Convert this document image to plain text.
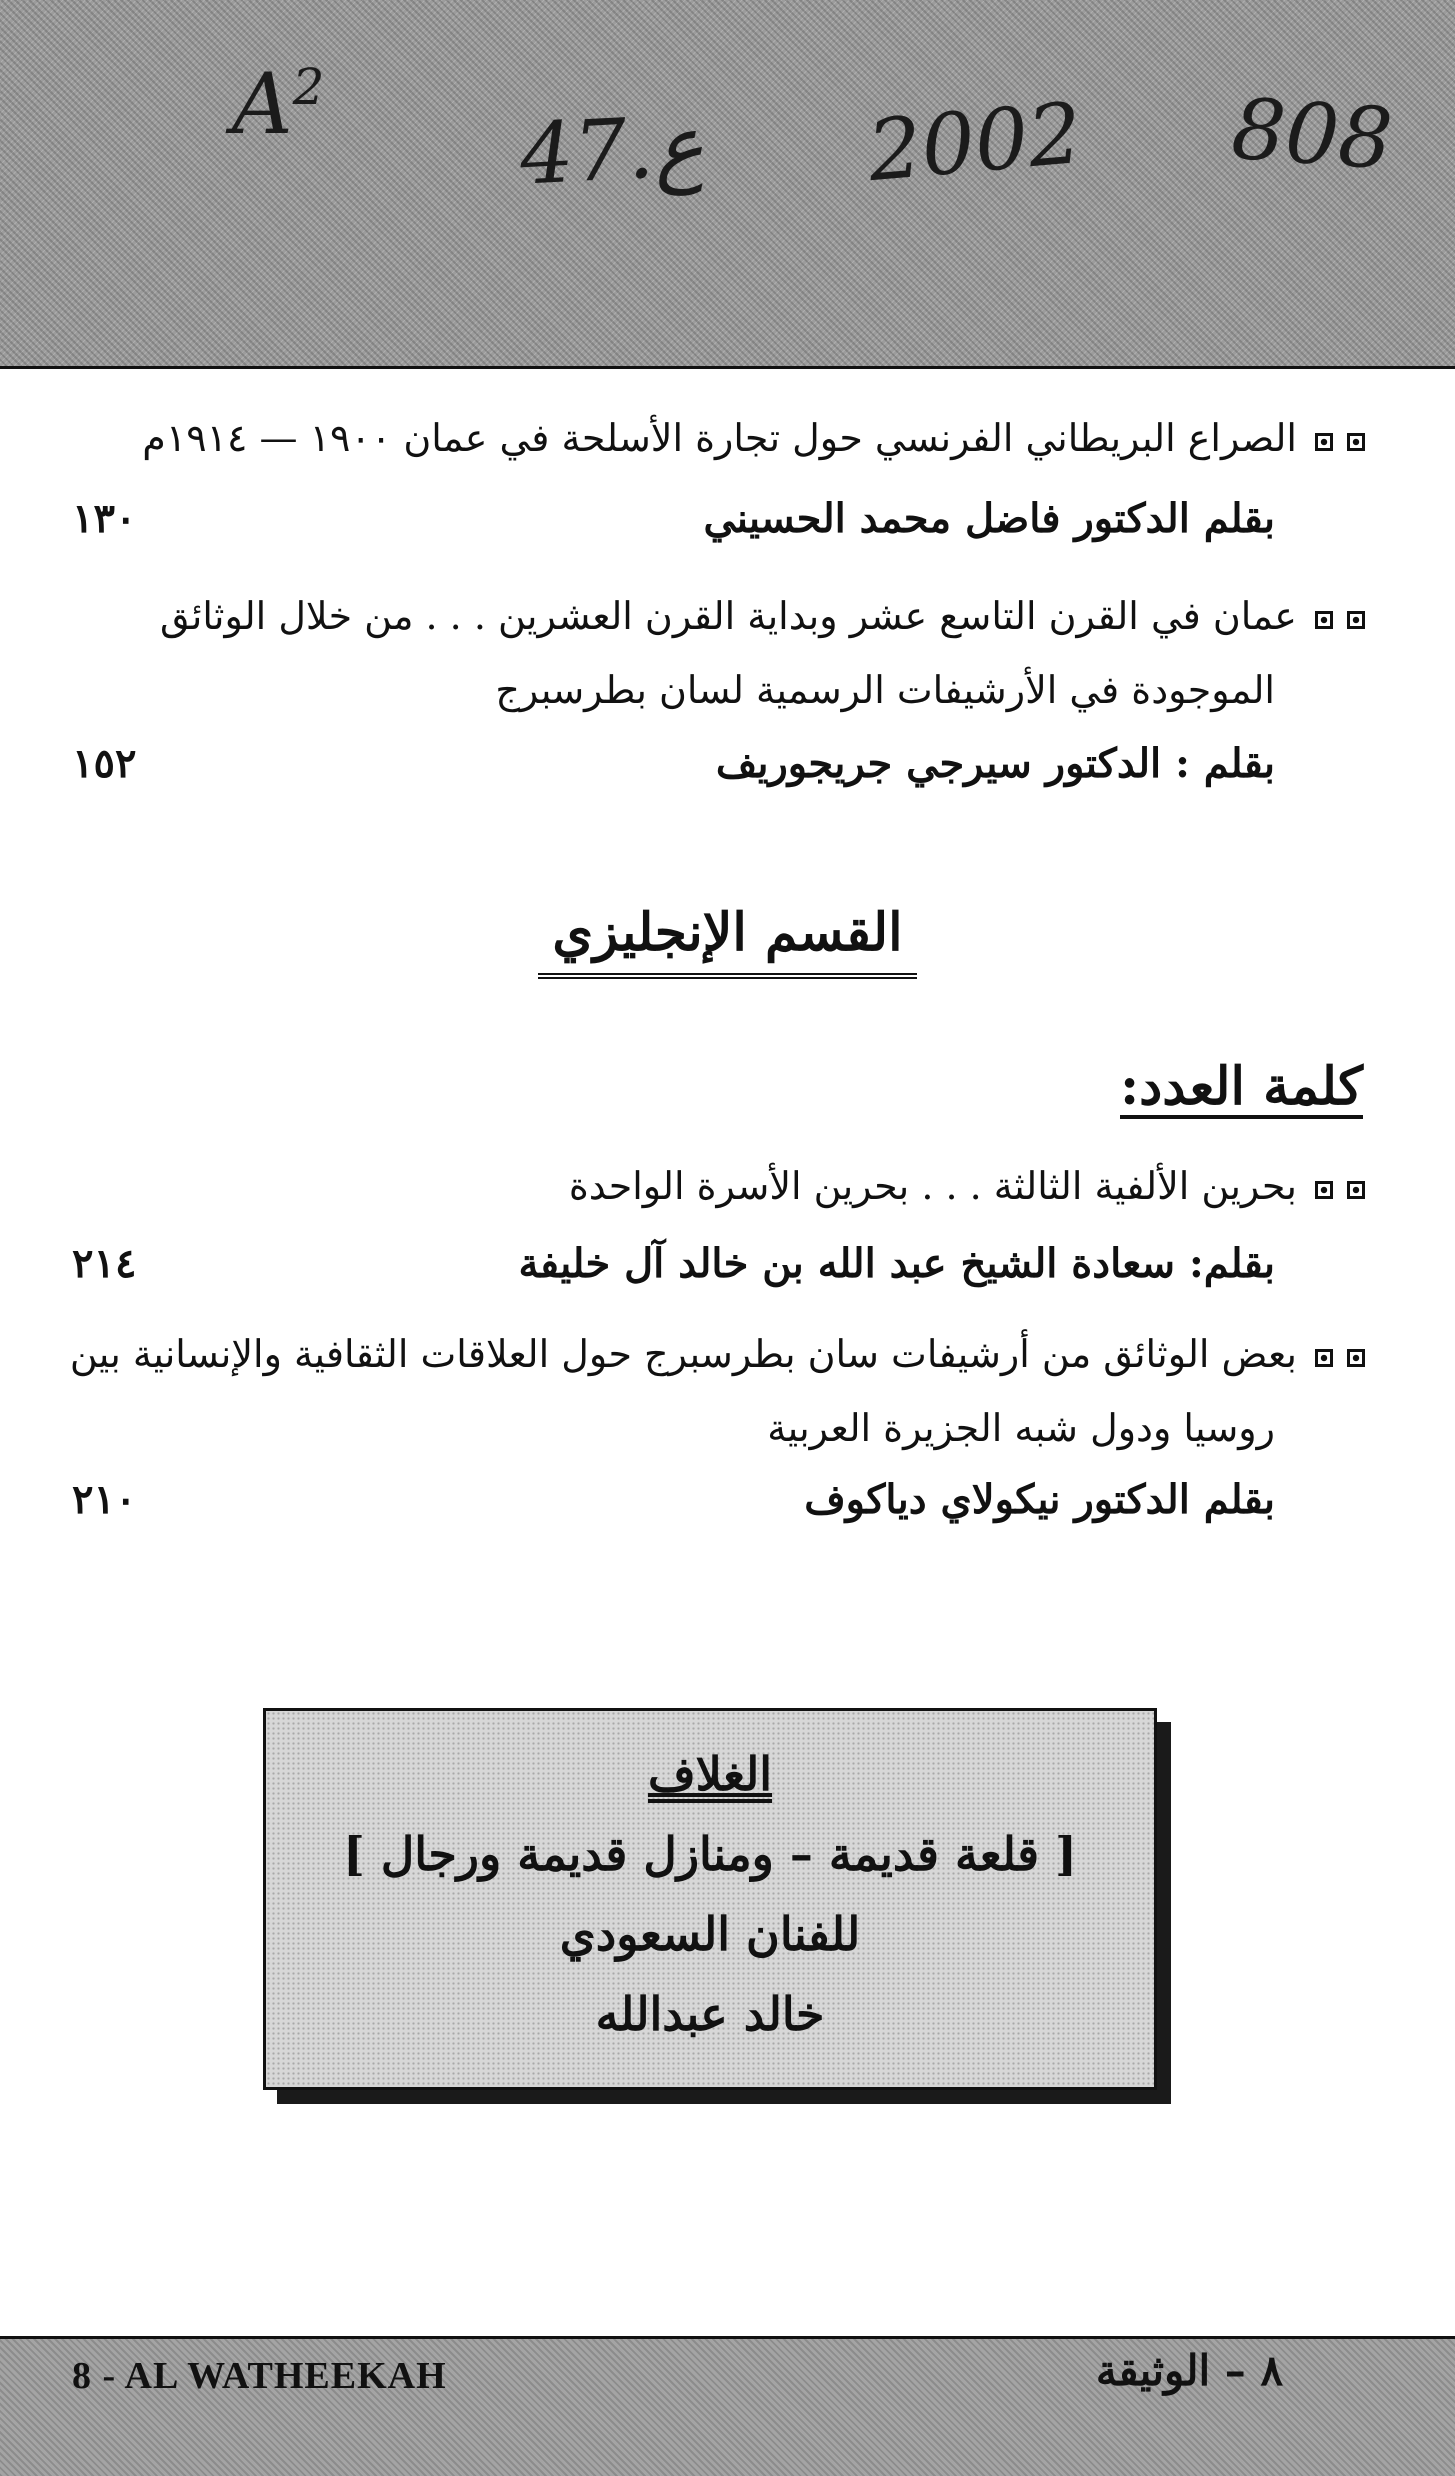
$A^2$
47.ع 2002 808
الصراع البريطاني الفرنسي حول تجارة الأسلحة في عمان ١٩٠٠ — ١٩١٤م
بقلم الدكتور فاضل محمد الحسيني
١٣٠
عمان في القرن التاسع عشر وبداية القرن العشرين . . . من خلال الوثائق
الموجودة في الأرشيفات الرسمية لسان بطرسبرج
بقلم : الدكتور سيرجي جريجوريف
١٥٢
القسم الإنجليزي
كلمة العدد:
بحرين الألفية الثالثة . . . بحرين الأسرة الواحدة
بقلم: سعادة الشيخ عبد الله بن خالد آل خليفة
٢١٤
بعض الوثائق من أرشيفات سان بطرسبرج حول العلاقات الثقافية والإنسانية بين
روسيا ودول شبه الجزيرة العربية
بقلم الدكتور نيكولاي دياكوف
٢١٠
الغلاف
[ قلعة قديمة – ومنازل قديمة ورجال ]
للفنان السعودي
خالد عبدالله
8 - AL WATHEEKAH	٨ – الوثيقة
